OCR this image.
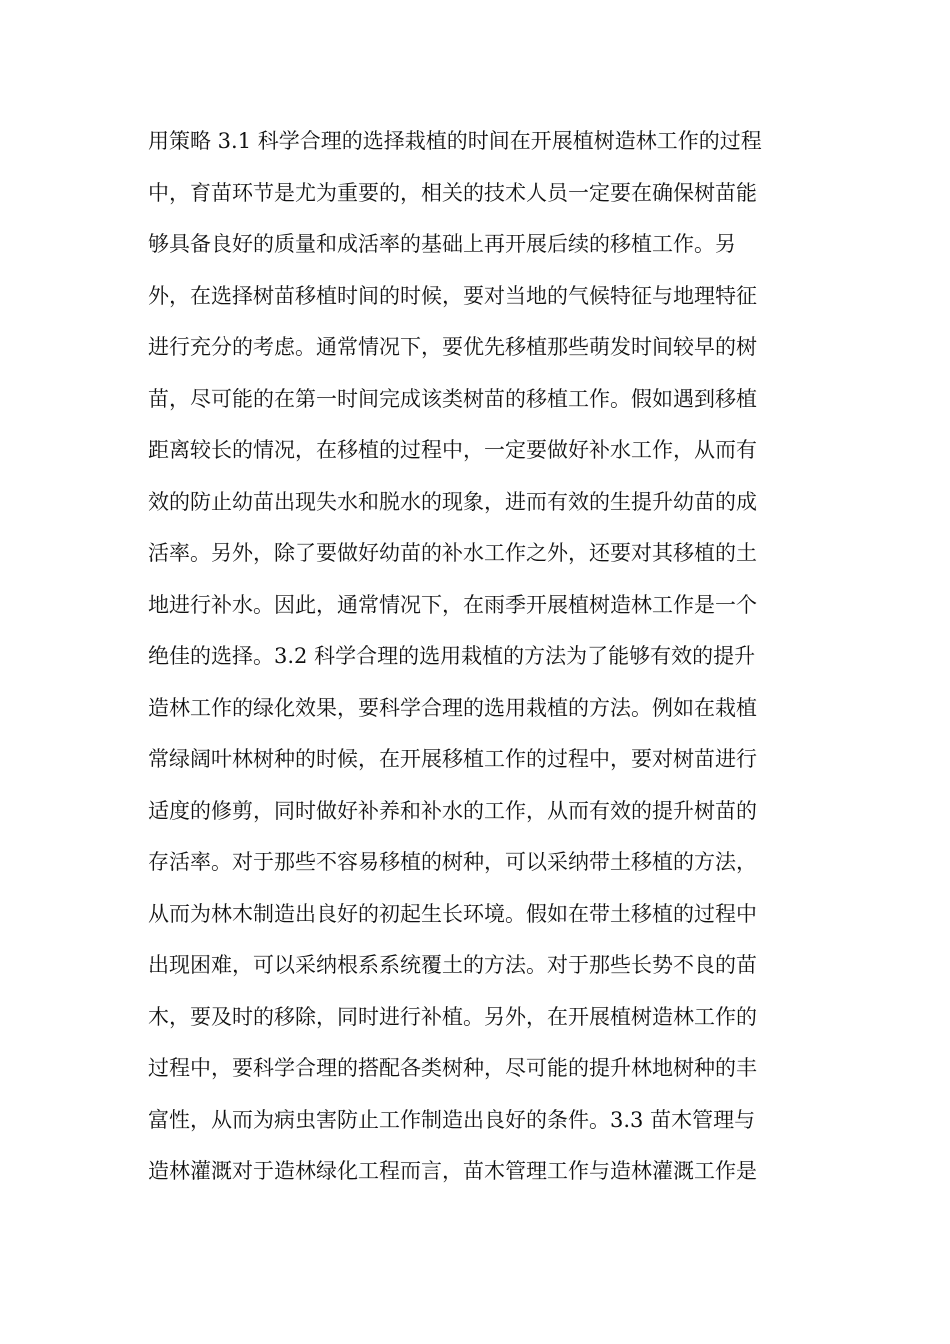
用策略 3.1 科学合理的选择栽植的时间在开展植树造林工作的过程
中，育苗环节是尤为重要的，相关的技术人员一定要在确保树苗能
够具备良好的质量和成活率的基础上再开展后续的移植工作。另
外，在选择树苗移植时间的时候，要对当地的气候特征与地理特征
进行充分的考虑。通常情况下，要优先移植那些萌发时间较早的树
苗，尽可能的在第一时间完成该类树苗的移植工作。假如遇到移植
距离较长的情况，在移植的过程中，一定要做好补水工作，从而有
效的防止幼苗出现失水和脱水的现象，进而有效的生提升幼苗的成
活率。另外，除了要做好幼苗的补水工作之外，还要对其移植的土
地进行补水。因此，通常情况下，在雨季开展植树造林工作是一个
绝佳的选择。3.2 科学合理的选用栽植的方法为了能够有效的提升
造林工作的绿化效果，要科学合理的选用栽植的方法。例如在栽植
常绿阔叶林树种的时候，在开展移植工作的过程中，要对树苗进行
适度的修剪，同时做好补养和补水的工作，从而有效的提升树苗的
存活率。对于那些不容易移植的树种，可以采纳带土移植的方法，
从而为林木制造出良好的初起生长环境。假如在带土移植的过程中
出现困难，可以采纳根系系统覆土的方法。对于那些长势不良的苗
木，要及时的移除，同时进行补植。另外，在开展植树造林工作的
过程中，要科学合理的搭配各类树种，尽可能的提升林地树种的丰
富性，从而为病虫害防止工作制造出良好的条件。3.3 苗木管理与
造林灌溉对于造林绿化工程而言，苗木管理工作与造林灌溉工作是
